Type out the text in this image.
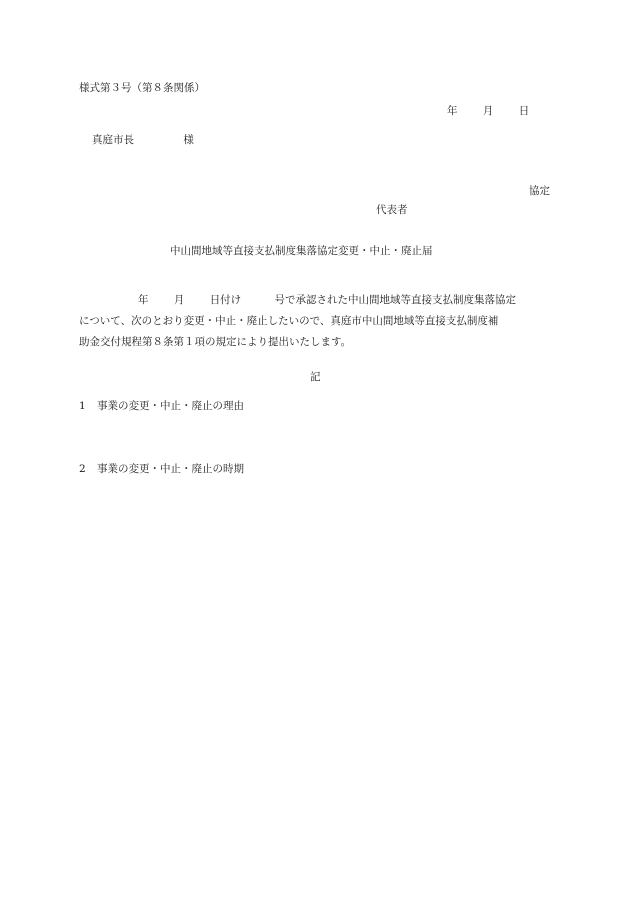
様式第３号（第８条関係）
年 月 日
真庭市長	様
協定
代表者
中山間地域等直接支払制度集落協定変更・中止・廃止届
年 月 日付け	号で承認された中山間地域等直接支払制度集落協定
について、次のとおり変更・中止・廃止したいので、真庭市中山間地域等直接支払制度補
助金交付規程第８条第１項の規定により提出いたします。
記
1 事業の変更・中止・廃止の理由
2 事業の変更・中止・廃止の時期
